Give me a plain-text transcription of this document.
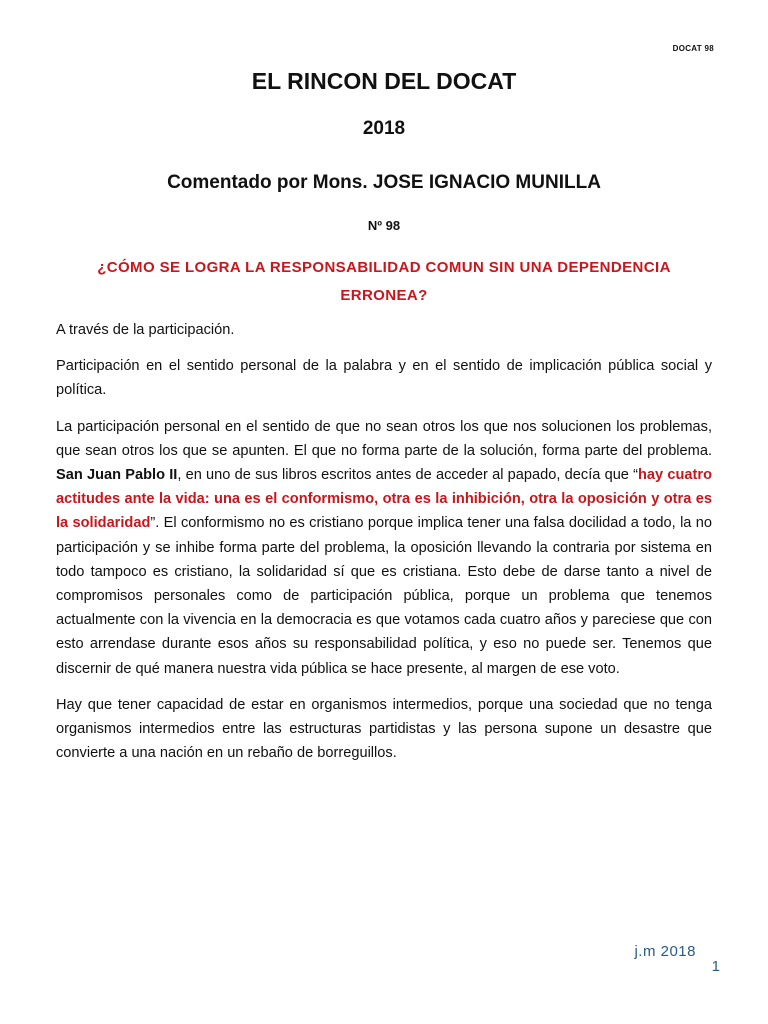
DOCAT 98
EL RINCON DEL DOCAT
2018
Comentado por Mons. JOSE IGNACIO MUNILLA
Nº 98
¿CÓMO SE LOGRA LA RESPONSABILIDAD COMUN SIN UNA DEPENDENCIA ERRONEA?

A través de la participación.

Participación en el sentido personal de la palabra y en el sentido de implicación pública social y política.

La participación personal en el sentido de que no sean otros los que nos solucionen los problemas, que sean otros los que se apunten. El que no forma parte de la solución, forma parte del problema. San Juan Pablo II, en uno de sus libros escritos antes de acceder al papado, decía que “hay cuatro actitudes ante la vida: una es el conformismo, otra es la inhibición, otra la oposición y otra es la solidaridad”. El conformismo no es cristiano porque implica tener una falsa docilidad a todo, la no participación y se inhibe forma parte del problema, la oposición llevando la contraria por sistema en todo tampoco es cristiano, la solidaridad sí que es cristiana. Esto debe de darse tanto a nivel de compromisos personales como de participación pública, porque un problema que tenemos actualmente con la vivencia en la democracia es que votamos cada cuatro años y pareciese que con esto arrendase durante esos años su responsabilidad política, y eso no puede ser. Tenemos que discernir de qué manera nuestra vida pública se hace presente, al margen de ese voto.

Hay que tener capacidad de estar en organismos intermedios, porque una sociedad que no tenga organismos intermedios entre las estructuras partidistas y las persona supone un desastre que convierte a una nación en un rebaño de borreguillos.

j.m 2018
1
